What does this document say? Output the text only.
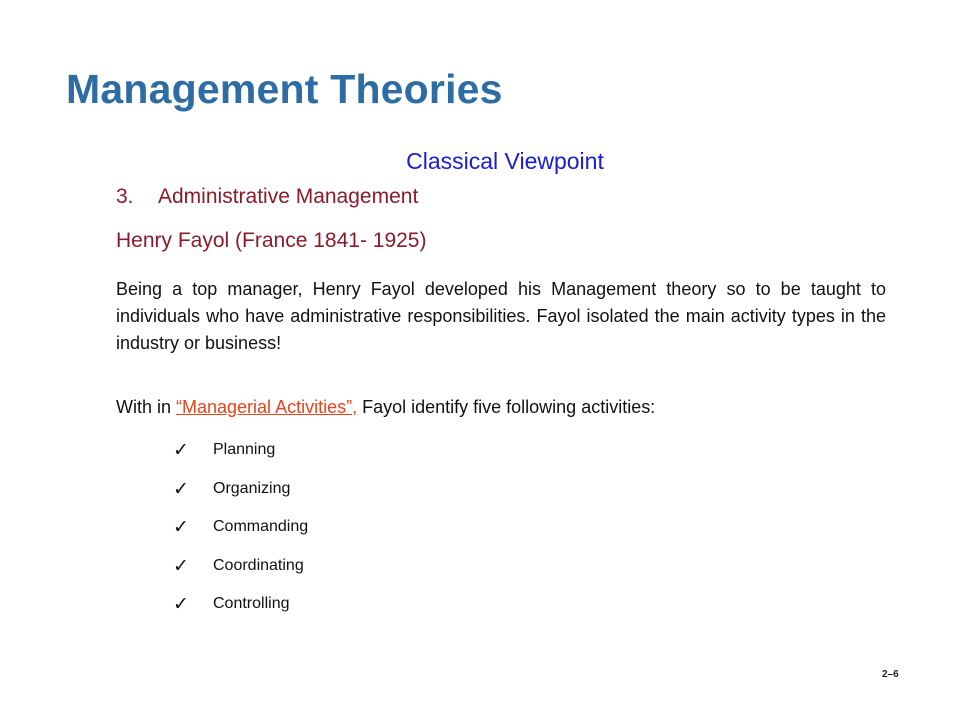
Management Theories
Classical Viewpoint
3. Administrative Management
Henry Fayol (France 1841- 1925)

Being a top manager, Henry Fayol developed his Management theory so to be taught to individuals who have administrative responsibilities. Fayol isolated the main activity types in the industry or business!

With in “Managerial Activities”, Fayol identify five following activities:
✓	Planning
✓	Organizing
✓	Commanding
✓	Coordinating
✓	Controlling
2–6
